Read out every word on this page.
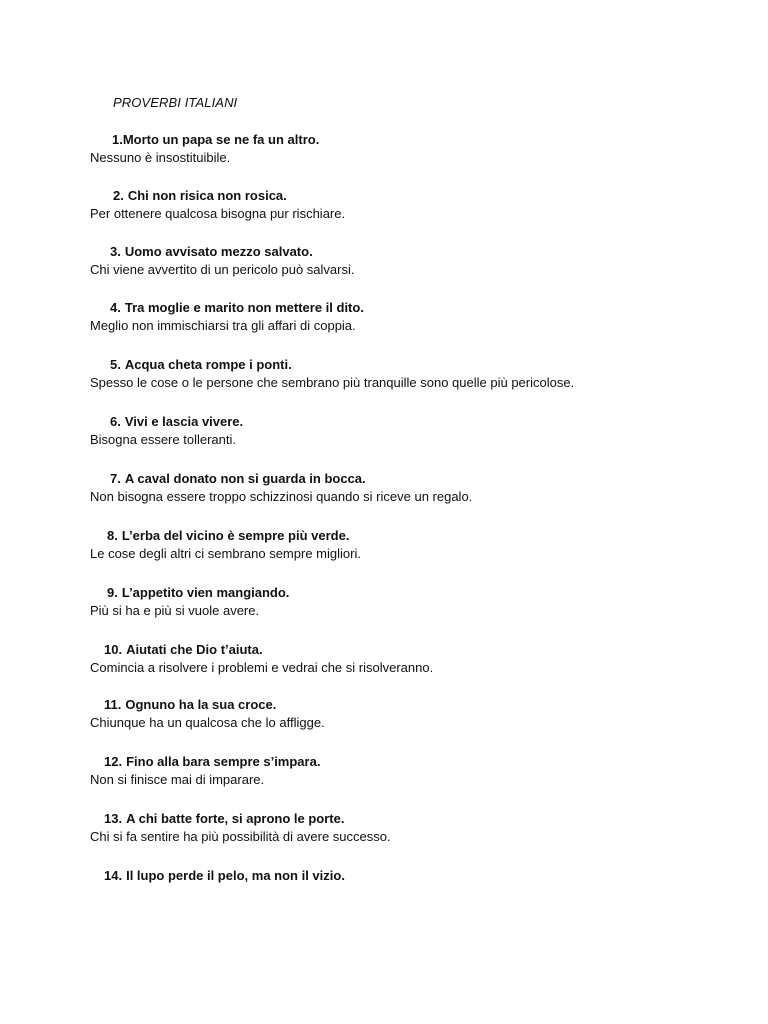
PROVERBI ITALIANI
1.Morto un papa se ne fa un altro.
Nessuno è insostituibile.
2. Chi non risica non rosica.
Per ottenere qualcosa bisogna pur rischiare.
3. Uomo avvisato mezzo salvato.
Chi viene avvertito di un pericolo può salvarsi.
4. Tra moglie e marito non mettere il dito.
Meglio non immischiarsi tra gli affari di coppia.
5. Acqua cheta rompe i ponti.
Spesso le cose o le persone che sembrano più tranquille sono quelle più pericolose.
6. Vivi e lascia vivere.
Bisogna essere tolleranti.
7. A caval donato non si guarda in bocca.
Non bisogna essere troppo schizzinosi quando si riceve un regalo.
8. L’erba del vicino è sempre più verde.
Le cose degli altri ci sembrano sempre migliori.
9. L’appetito vien mangiando.
Più si ha e più si vuole avere.
10. Aiutati che Dio t’aiuta.
Comincia a risolvere i problemi e vedrai che si risolveranno.
11. Ognuno ha la sua croce.
Chiunque ha un qualcosa che lo affligge.
12. Fino alla bara sempre s’impara.
Non si finisce mai di imparare.
13. A chi batte forte, si aprono le porte.
Chi si fa sentire ha più possibilità di avere successo.
14. Il lupo perde il pelo, ma non il vizio.
